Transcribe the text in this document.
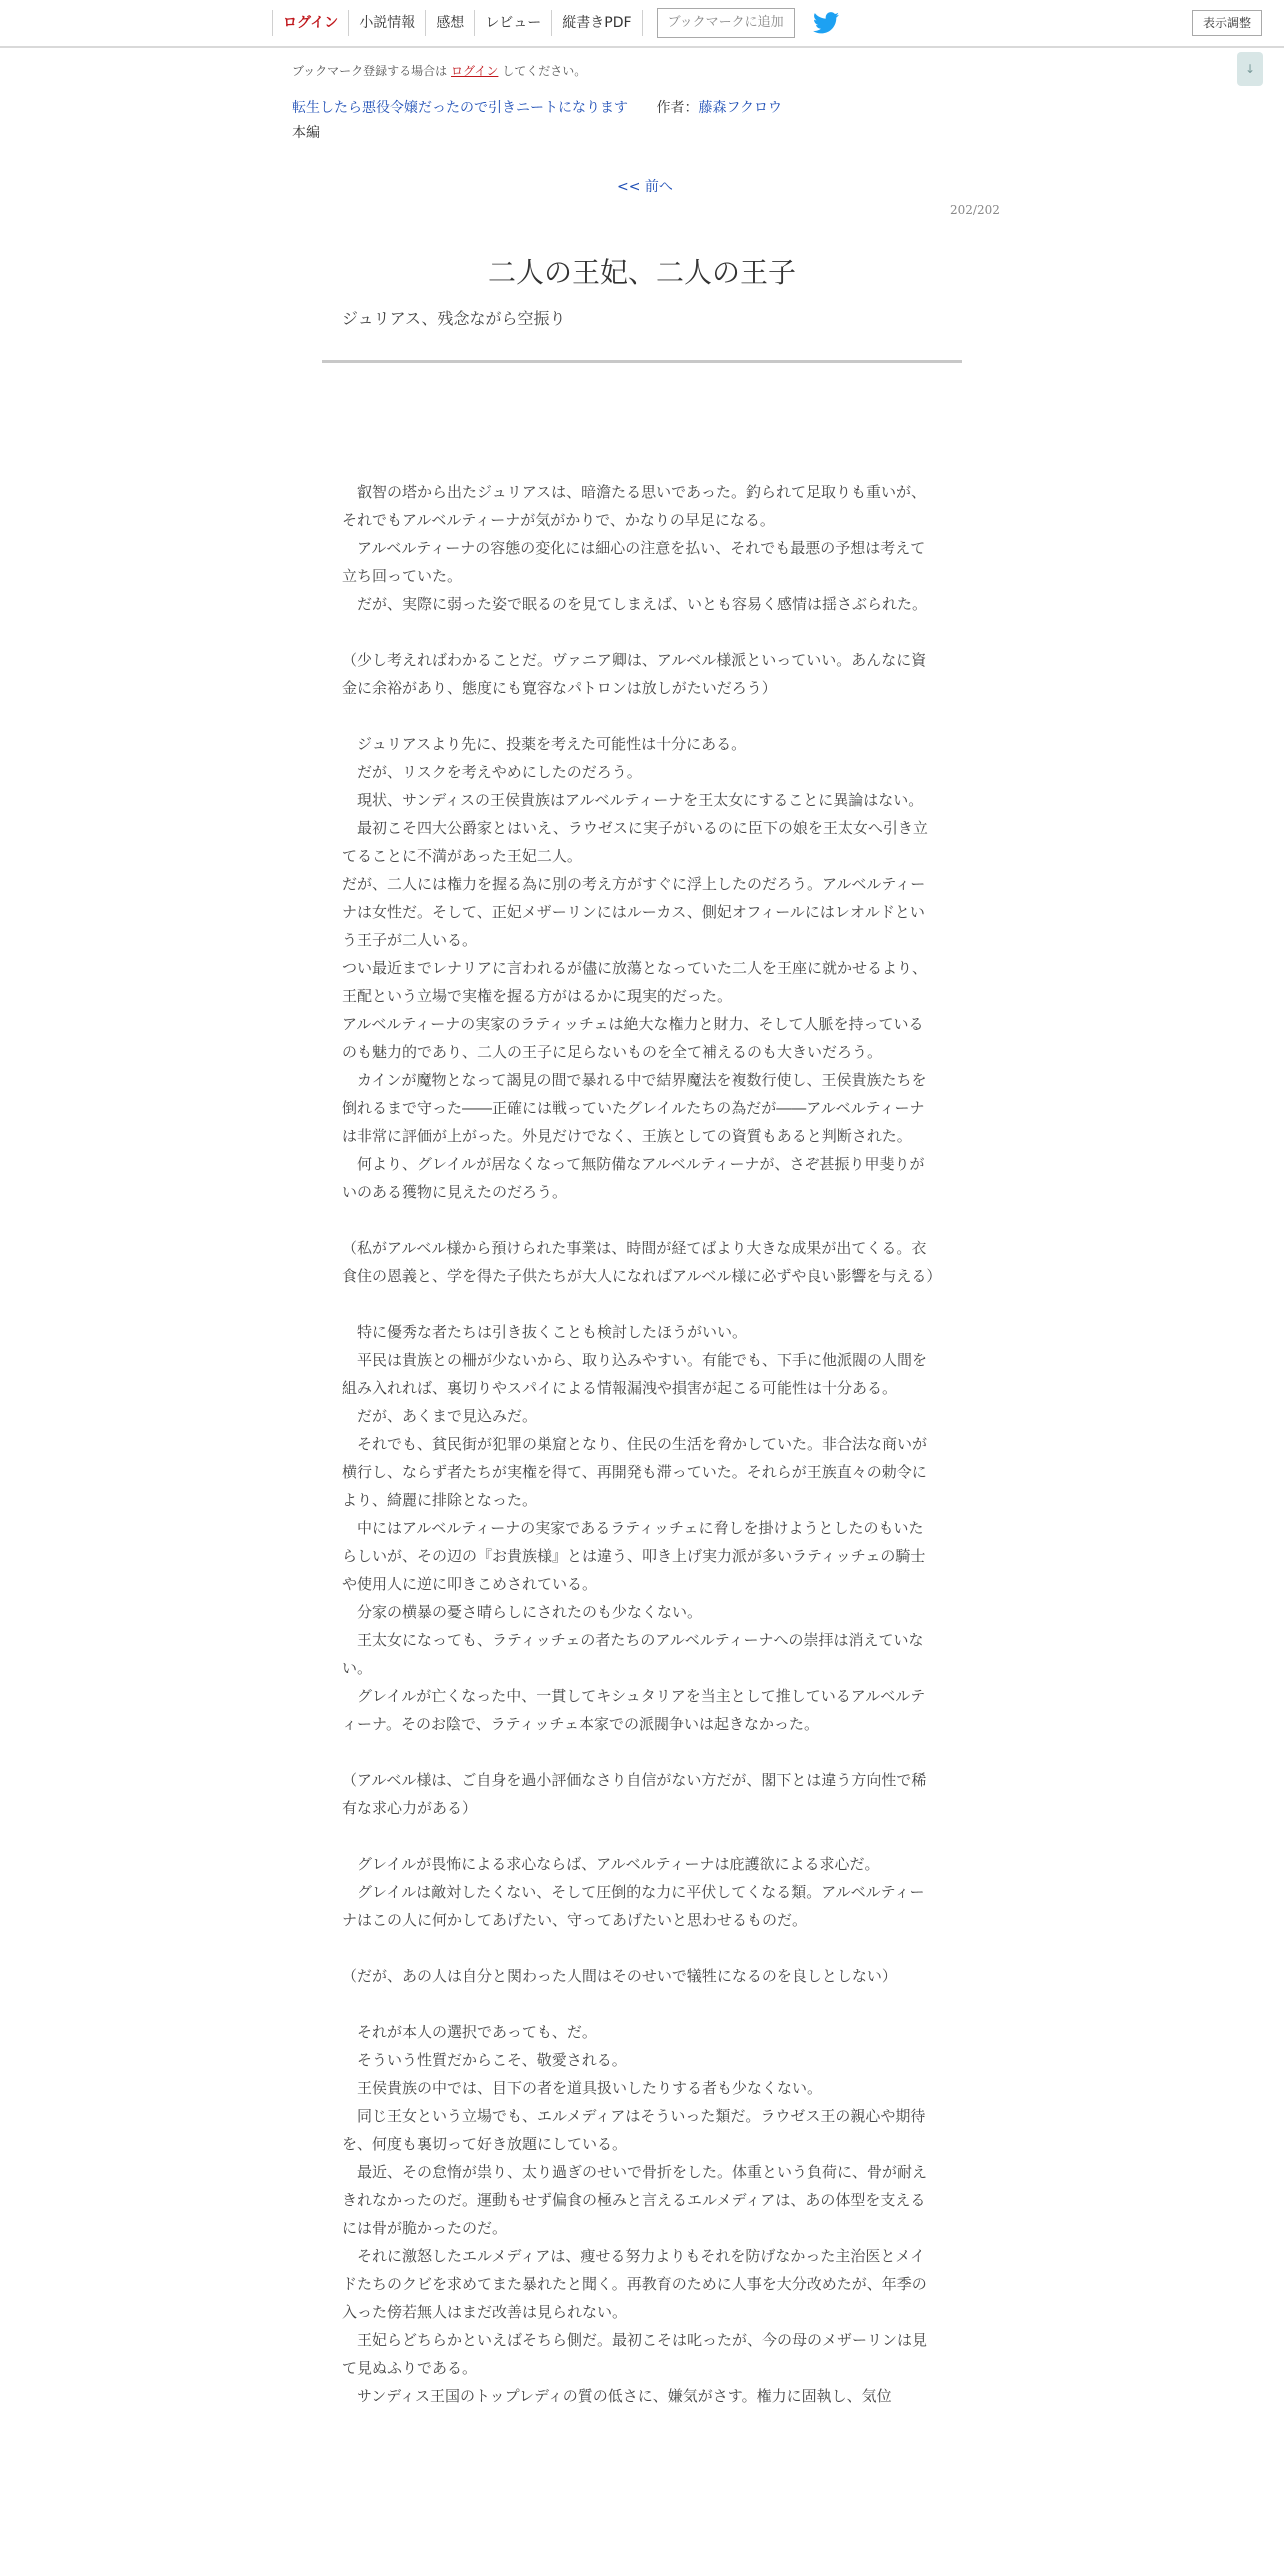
ログイン	小説情報	感想	レビュー	縦書きPDF	ブックマークに追加	表示調整
↓
ブックマーク登録する場合は ログイン してください。
転生したら悪役令嬢だったので引きニートになります 作者：藤森フクロウ
本編
<< 前へ
202/202
二人の王妃、二人の王子
ジュリアス、残念ながら空振り

　叡智の塔から出たジュリアスは、暗澹たる思いであった。釣られて足取りも重いが、それでもアルベルティーナが気がかりで、かなりの早足になる。

　アルベルティーナの容態の変化には細心の注意を払い、それでも最悪の予想は考えて立ち回っていた。

　だが、実際に弱った姿で眠るのを見てしまえば、いとも容易く感情は揺さぶられた。

（少し考えればわかることだ。ヴァニア卿は、アルベル様派といっていい。あんなに資金に余裕があり、態度にも寛容なパトロンは放しがたいだろう）

　ジュリアスより先に、投薬を考えた可能性は十分にある。

　だが、リスクを考えやめにしたのだろう。

　現状、サンディスの王侯貴族はアルベルティーナを王太女にすることに異論はない。

　最初こそ四大公爵家とはいえ、ラウゼスに実子がいるのに臣下の娘を王太女へ引き立てることに不満があった王妃二人。

だが、二人には権力を握る為に別の考え方がすぐに浮上したのだろう。アルベルティーナは女性だ。そして、正妃メザーリンにはルーカス、側妃オフィールにはレオルドという王子が二人いる。

つい最近までレナリアに言われるが儘に放蕩となっていた二人を王座に就かせるより、王配という立場で実権を握る方がはるかに現実的だった。

アルベルティーナの実家のラティッチェは絶大な権力と財力、そして人脈を持っているのも魅力的であり、二人の王子に足らないものを全て補えるのも大きいだろう。

　カインが魔物となって謁見の間で暴れる中で結界魔法を複数行使し、王侯貴族たちを倒れるまで守った――正確には戦っていたグレイルたちの為だが――アルベルティーナは非常に評価が上がった。外見だけでなく、王族としての資質もあると判断された。

　何より、グレイルが居なくなって無防備なアルベルティーナが、さぞ甚振り甲斐りがいのある獲物に見えたのだろう。

（私がアルベル様から預けられた事業は、時間が経てばより大きな成果が出てくる。衣食住の恩義と、学を得た子供たちが大人になればアルベル様に必ずや良い影響を与える）

　特に優秀な者たちは引き抜くことも検討したほうがいい。

　平民は貴族との柵が少ないから、取り込みやすい。有能でも、下手に他派閥の人間を組み入れれば、裏切りやスパイによる情報漏洩や損害が起こる可能性は十分ある。

　だが、あくまで見込みだ。

　それでも、貧民街が犯罪の巣窟となり、住民の生活を脅かしていた。非合法な商いが横行し、ならず者たちが実権を得て、再開発も滞っていた。それらが王族直々の勅令により、綺麗に排除となった。

　中にはアルベルティーナの実家であるラティッチェに脅しを掛けようとしたのもいたらしいが、その辺の『お貴族様』とは違う、叩き上げ実力派が多いラティッチェの騎士や使用人に逆に叩きこめされている。

　分家の横暴の憂さ晴らしにされたのも少なくない。

　王太女になっても、ラティッチェの者たちのアルベルティーナへの崇拝は消えていない。

　グレイルが亡くなった中、一貫してキシュタリアを当主として推しているアルベルティーナ。そのお陰で、ラティッチェ本家での派閥争いは起きなかった。

（アルベル様は、ご自身を過小評価なさり自信がない方だが、閣下とは違う方向性で稀有な求心力がある）

　グレイルが畏怖による求心ならば、アルベルティーナは庇護欲による求心だ。

　グレイルは敵対したくない、そして圧倒的な力に平伏してくなる類。アルベルティーナはこの人に何かしてあげたい、守ってあげたいと思わせるものだ。

（だが、あの人は自分と関わった人間はそのせいで犠牲になるのを良しとしない）

　それが本人の選択であっても、だ。

　そういう性質だからこそ、敬愛される。

　王侯貴族の中では、目下の者を道具扱いしたりする者も少なくない。

　同じ王女という立場でも、エルメディアはそういった類だ。ラウゼス王の親心や期待を、何度も裏切って好き放題にしている。

　最近、その怠惰が祟り、太り過ぎのせいで骨折をした。体重という負荷に、骨が耐えきれなかったのだ。運動もせず偏食の極みと言えるエルメディアは、あの体型を支えるには骨が脆かったのだ。

　それに激怒したエルメディアは、痩せる努力よりもそれを防げなかった主治医とメイドたちのクビを求めてまた暴れたと聞く。再教育のために人事を大分改めたが、年季の入った傍若無人はまだ改善は見られない。

　王妃らどちらかといえばそちら側だ。最初こそは叱ったが、今の母のメザーリンは見て見ぬふりである。

　サンディス王国のトップレディの質の低さに、嫌気がさす。権力に固執し、気位
